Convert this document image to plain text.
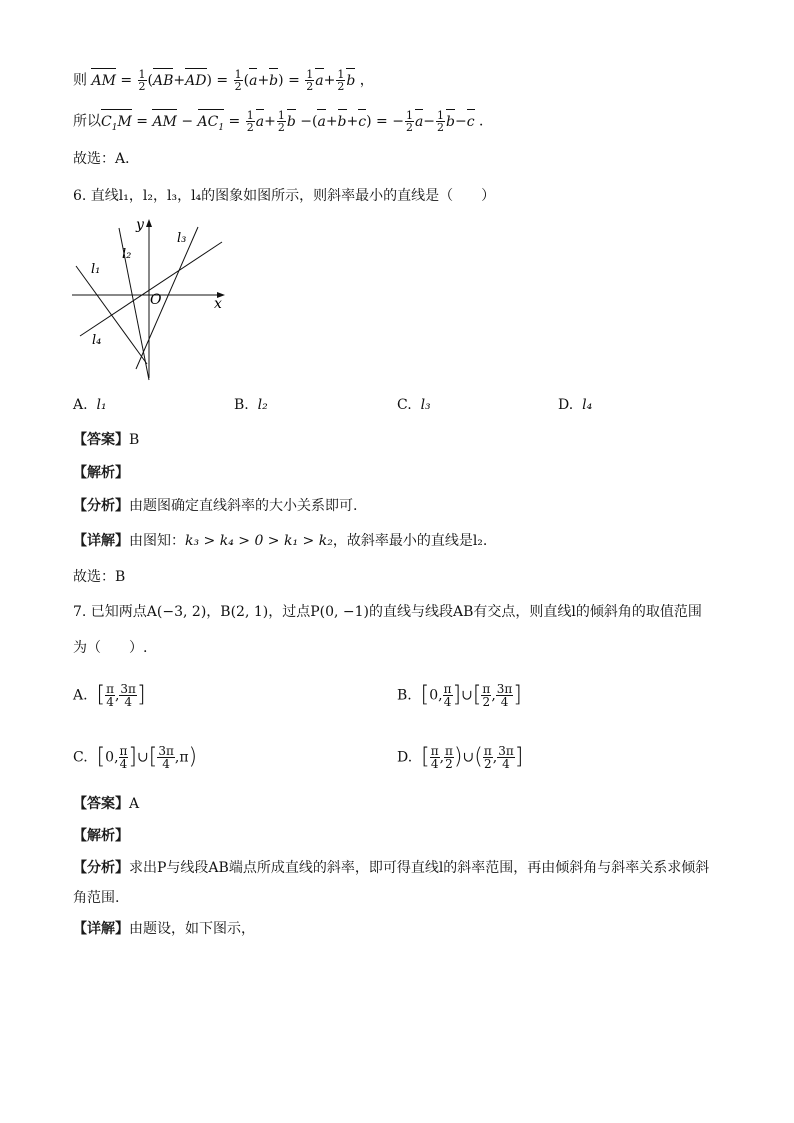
则 AM = $\frac{1}{2} (AB+AD) = \frac{1}{2} (a+b) = \frac{1}{2} a+ \frac{1}{2}$ b ，
所以$C_1M$ = AM − $AC_1 = \frac{1}{2} a+ \frac{1}{2}$ b −(a+b+c) = − $\frac{1}{2} a- \frac{1}{2} b-c$ ．
故选：A．
6. 直线l₁，l₂，l₃，l₄的图象如图所示，则斜率最小的直线是（　　）
y
x
O
l₁
l₂
l₃
l₄
A. l₁	B. l₂	C. l₃	D. l₄
【答案】B
【解析】
【分析】由题图确定直线斜率的大小关系即可.
【详解】由图知：k₃ > k₄ > 0 > k₁ > k₂，故斜率最小的直线是l₂.
故选：B
7. 已知两点A(−3, 2)，B(2, 1)，过点P(0, −1)的直线与线段AB有交点，则直线l的倾斜角的取值范围
为（　　）.
A. [ $\frac{\pi}{4}$ , $\frac{3\pi}{4}$ ]	B. [0, $\frac{\pi}{4}$ ]∪[ $\frac{\pi}{2}$ , $\frac{3\pi}{4}$ ]
C. [0, $\frac{\pi}{4}$ ]∪[ $\frac{3\pi}{4} ,\pi$)	D. [ $\frac{\pi}{4}$ , $\frac{\pi}{2}$ )∪( $\frac{\pi}{2}$ , $\frac{3\pi}{4}$ ]
【答案】A
【解析】
【分析】求出P与线段AB端点所成直线的斜率，即可得直线l的斜率范围，再由倾斜角与斜率关系求倾斜
角范围.
【详解】由题设，如下图示，
